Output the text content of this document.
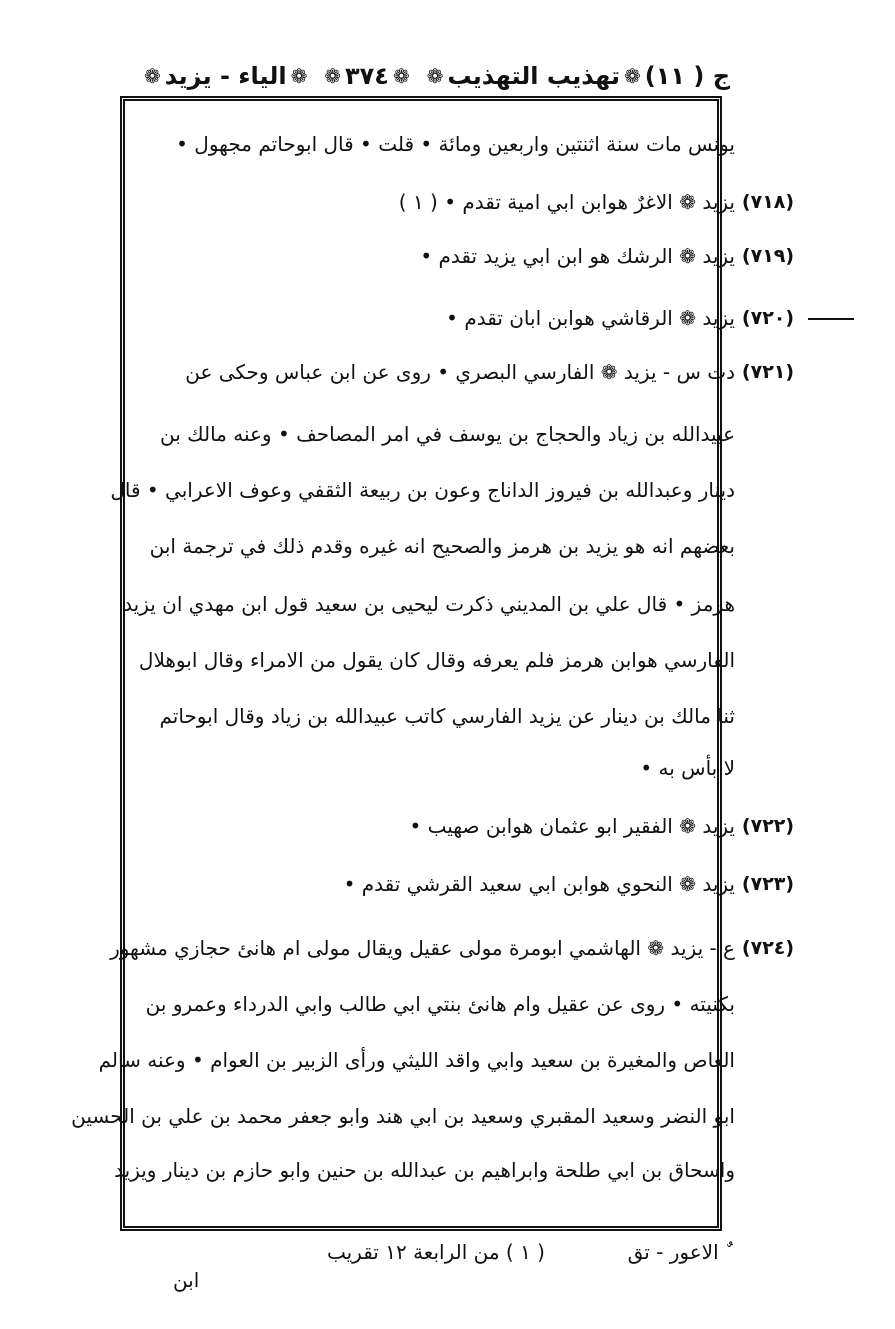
ج ( ١١)
❁
تهذيب التهذيب
❁
❁
٣٧٤
❁
❁
الياء - يزيد
❁
يونس مات سنة اثنتين واربعين ومائة • قلت • قال ابوحاتم مجهول •
يزيد ❁ الاغرٌ هوابن ابي امية تقدم • ( ١ )
يزيد ❁ الرشك هو ابن ابي يزيد تقدم •
يزيد ❁ الرقاشي هوابن ابان تقدم •
دت س - يزيد ❁ الفارسي البصري • روى عن ابن عباس وحكى عن
عبيدالله بن زياد والحجاج بن يوسف في امر المصاحف • وعنه مالك بن
دينار وعبدالله بن فيروز الداناج وعون بن ربيعة الثقفي وعوف الاعرابي • قال
بعضهم انه هو يزيد بن هرمز والصحيح انه غيره وقدم ذلك في ترجمة ابن
هرمز • قال علي بن المديني ذكرت ليحيى بن سعيد قول ابن مهدي ان يزيد
الفارسي هوابن هرمز فلم يعرفه وقال كان يقول من الامراء وقال ابوهلال
ثنا مالك بن دينار عن يزيد الفارسي كاتب عبيدالله بن زياد وقال ابوحاتم
لا بأس به •
يزيد ❁ الفقير ابو عثمان هوابن صهيب •
يزيد ❁ النحوي هوابن ابي سعيد القرشي تقدم •
ع - يزيد ❁ الهاشمي ابومرة مولى عقيل ويقال مولى ام هانئ حجازي مشهور
بكنيته • روى عن عقيل وام هانئ بنتي ابي طالب وابي الدرداء وعمرو بن
العاص والمغيرة بن سعيد وابي واقد الليثي ورأى الزبير بن العوام • وعنه سالم
ابو النضر وسعيد المقبري وسعيد بن ابي هند وابو جعفر محمد بن علي بن الحسين
واسحاق بن ابي طلحة وابراهيم بن عبدالله بن حنين وابو حازم بن دينار ويزيد
(٧١٨)
(٧١٩)
(٧٢٠)
(٧٢١)
(٧٢٢)
(٧٢٣)
(٧٢٤)
ٌ الاعور - تق
( ١ ) من الرابعة ١٢ تقريب
ابن
